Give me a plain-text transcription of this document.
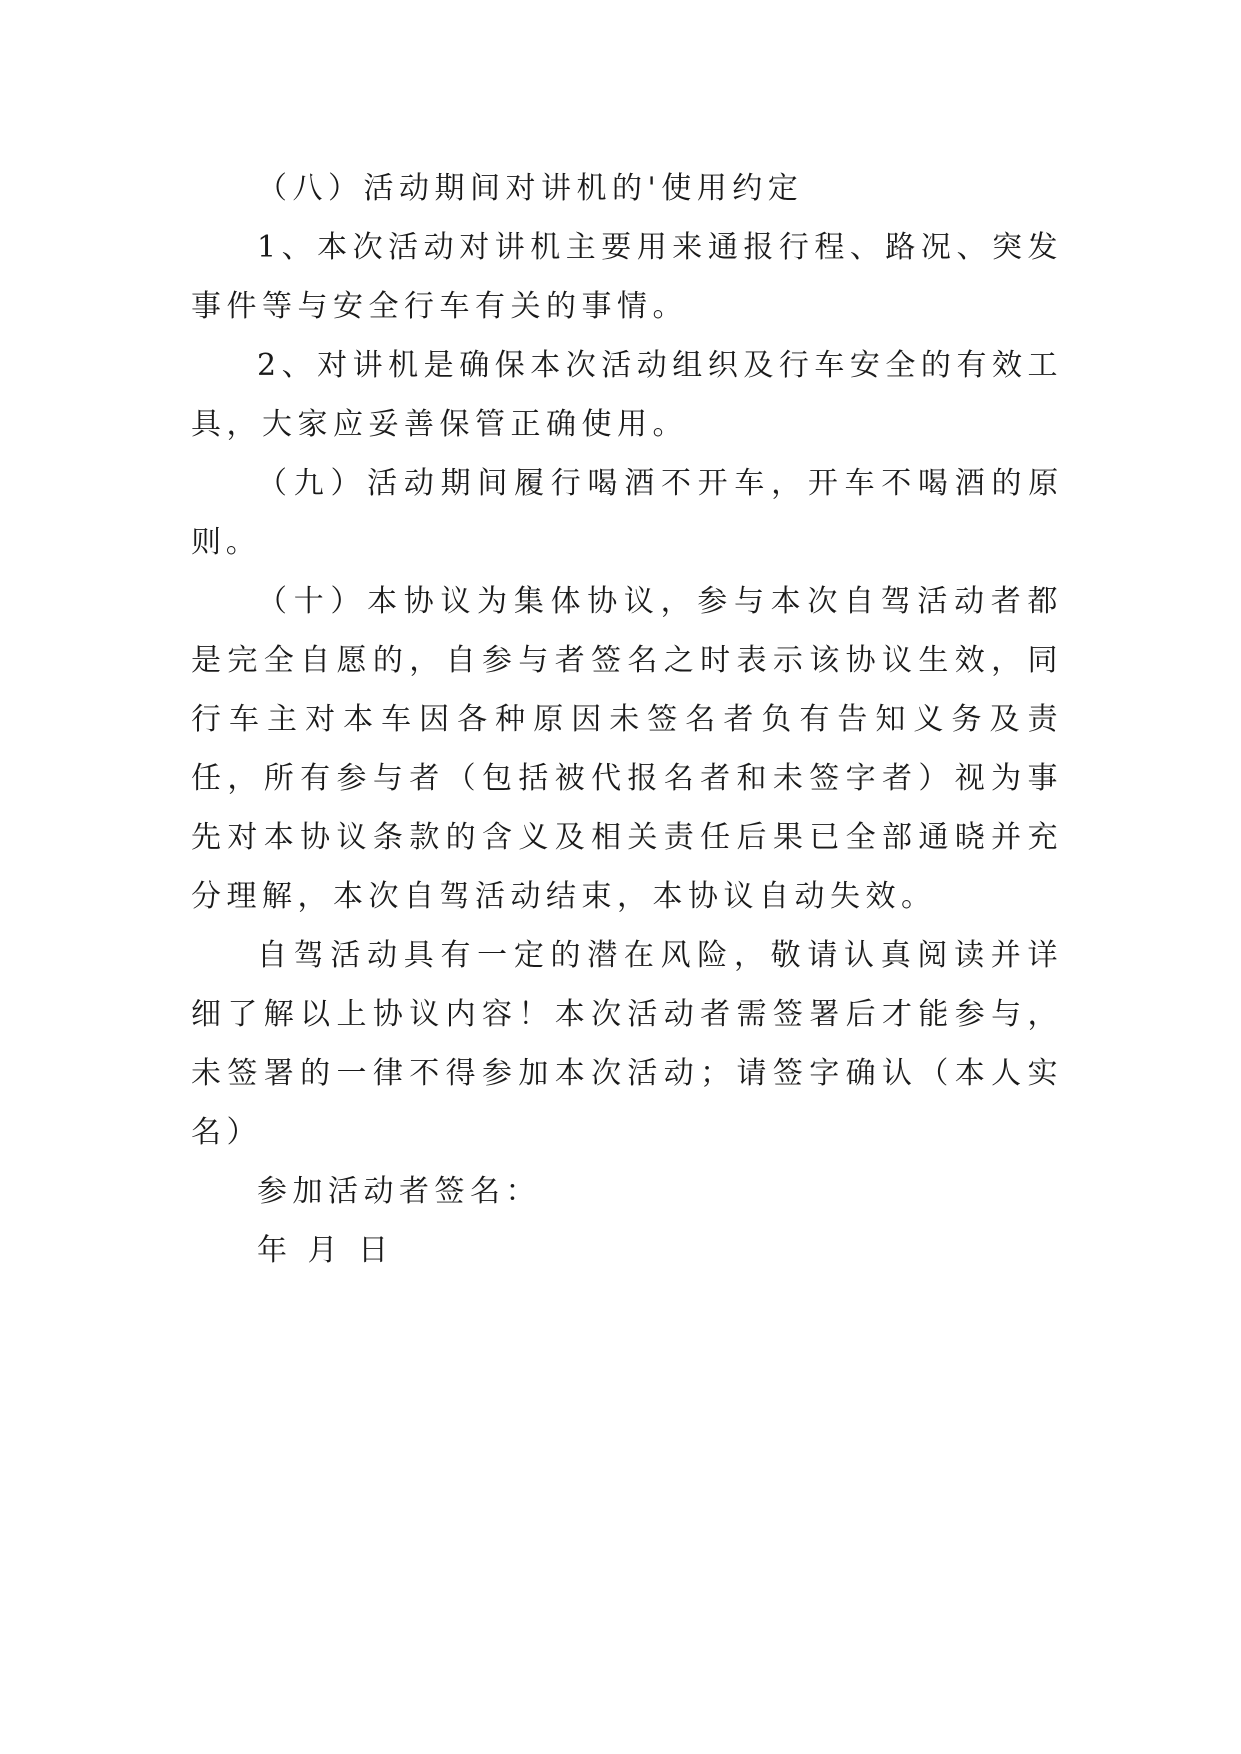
（八）活动期间对讲机的'使用约定

1、本次活动对讲机主要用来通报行程、路况、突发事件等与安全行车有关的事情。

2、对讲机是确保本次活动组织及行车安全的有效工具，大家应妥善保管正确使用。

（九）活动期间履行喝酒不开车，开车不喝酒的原则。

（十）本协议为集体协议，参与本次自驾活动者都是完全自愿的，自参与者签名之时表示该协议生效，同行车主对本车因各种原因未签名者负有告知义务及责任，所有参与者（包括被代报名者和未签字者）视为事先对本协议条款的含义及相关责任后果已全部通晓并充分理解，本次自驾活动结束，本协议自动失效。

自驾活动具有一定的潜在风险，敬请认真阅读并详细了解以上协议内容！本次活动者需签署后才能参与，未签署的一律不得参加本次活动；请签字确认（本人实名）

参加活动者签名：

年 月 日
